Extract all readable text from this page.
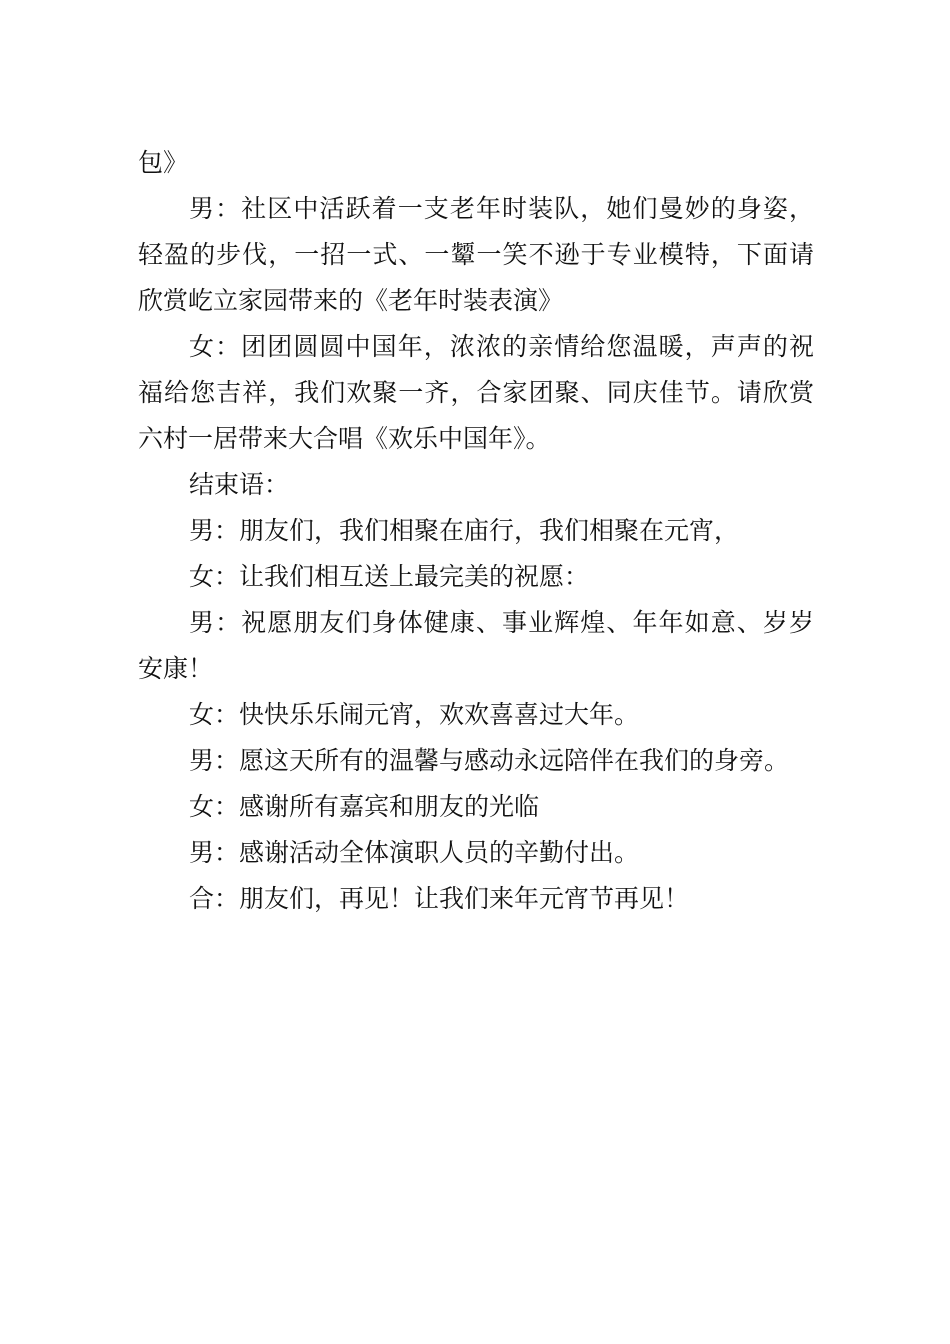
包》
男：社区中活跃着一支老年时装队，她们曼妙的身姿，
轻盈的步伐，一招一式、一颦一笑不逊于专业模特，下面请
欣赏屹立家园带来的《老年时装表演》
女：团团圆圆中国年，浓浓的亲情给您温暖，声声的祝
福给您吉祥，我们欢聚一齐，合家团聚、同庆佳节。请欣赏
六村一居带来大合唱《欢乐中国年》。
结束语：
男：朋友们，我们相聚在庙行，我们相聚在元宵，
女：让我们相互送上最完美的祝愿：
男：祝愿朋友们身体健康、事业辉煌、年年如意、岁岁
安康！
女：快快乐乐闹元宵，欢欢喜喜过大年。
男：愿这天所有的温馨与感动永远陪伴在我们的身旁。
女：感谢所有嘉宾和朋友的光临
男：感谢活动全体演职人员的辛勤付出。
合：朋友们，再见！让我们来年元宵节再见！
